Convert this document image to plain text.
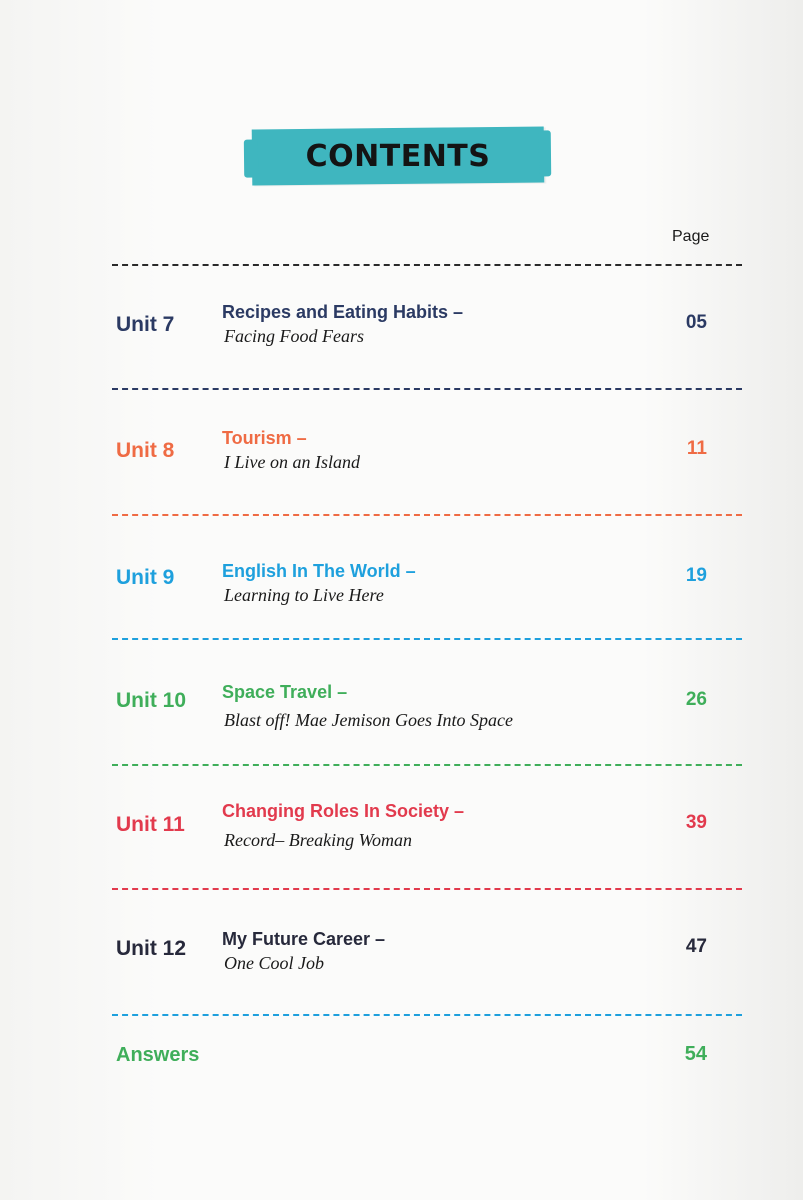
CONTENTS
Page
Unit 7
Recipes and Eating Habits –
Facing Food Fears
05
Unit 8
Tourism –
I Live on an Island
11
Unit 9	English In The World –
Learning to Live Here
19
Unit 10 Space Travel –
Blast off! Mae Jemison Goes Into Space
26
Unit 11
Changing Roles In Society –
Record– Breaking Woman
39
Unit 12 My Future Career –
One Cool Job
47
Answers	54
